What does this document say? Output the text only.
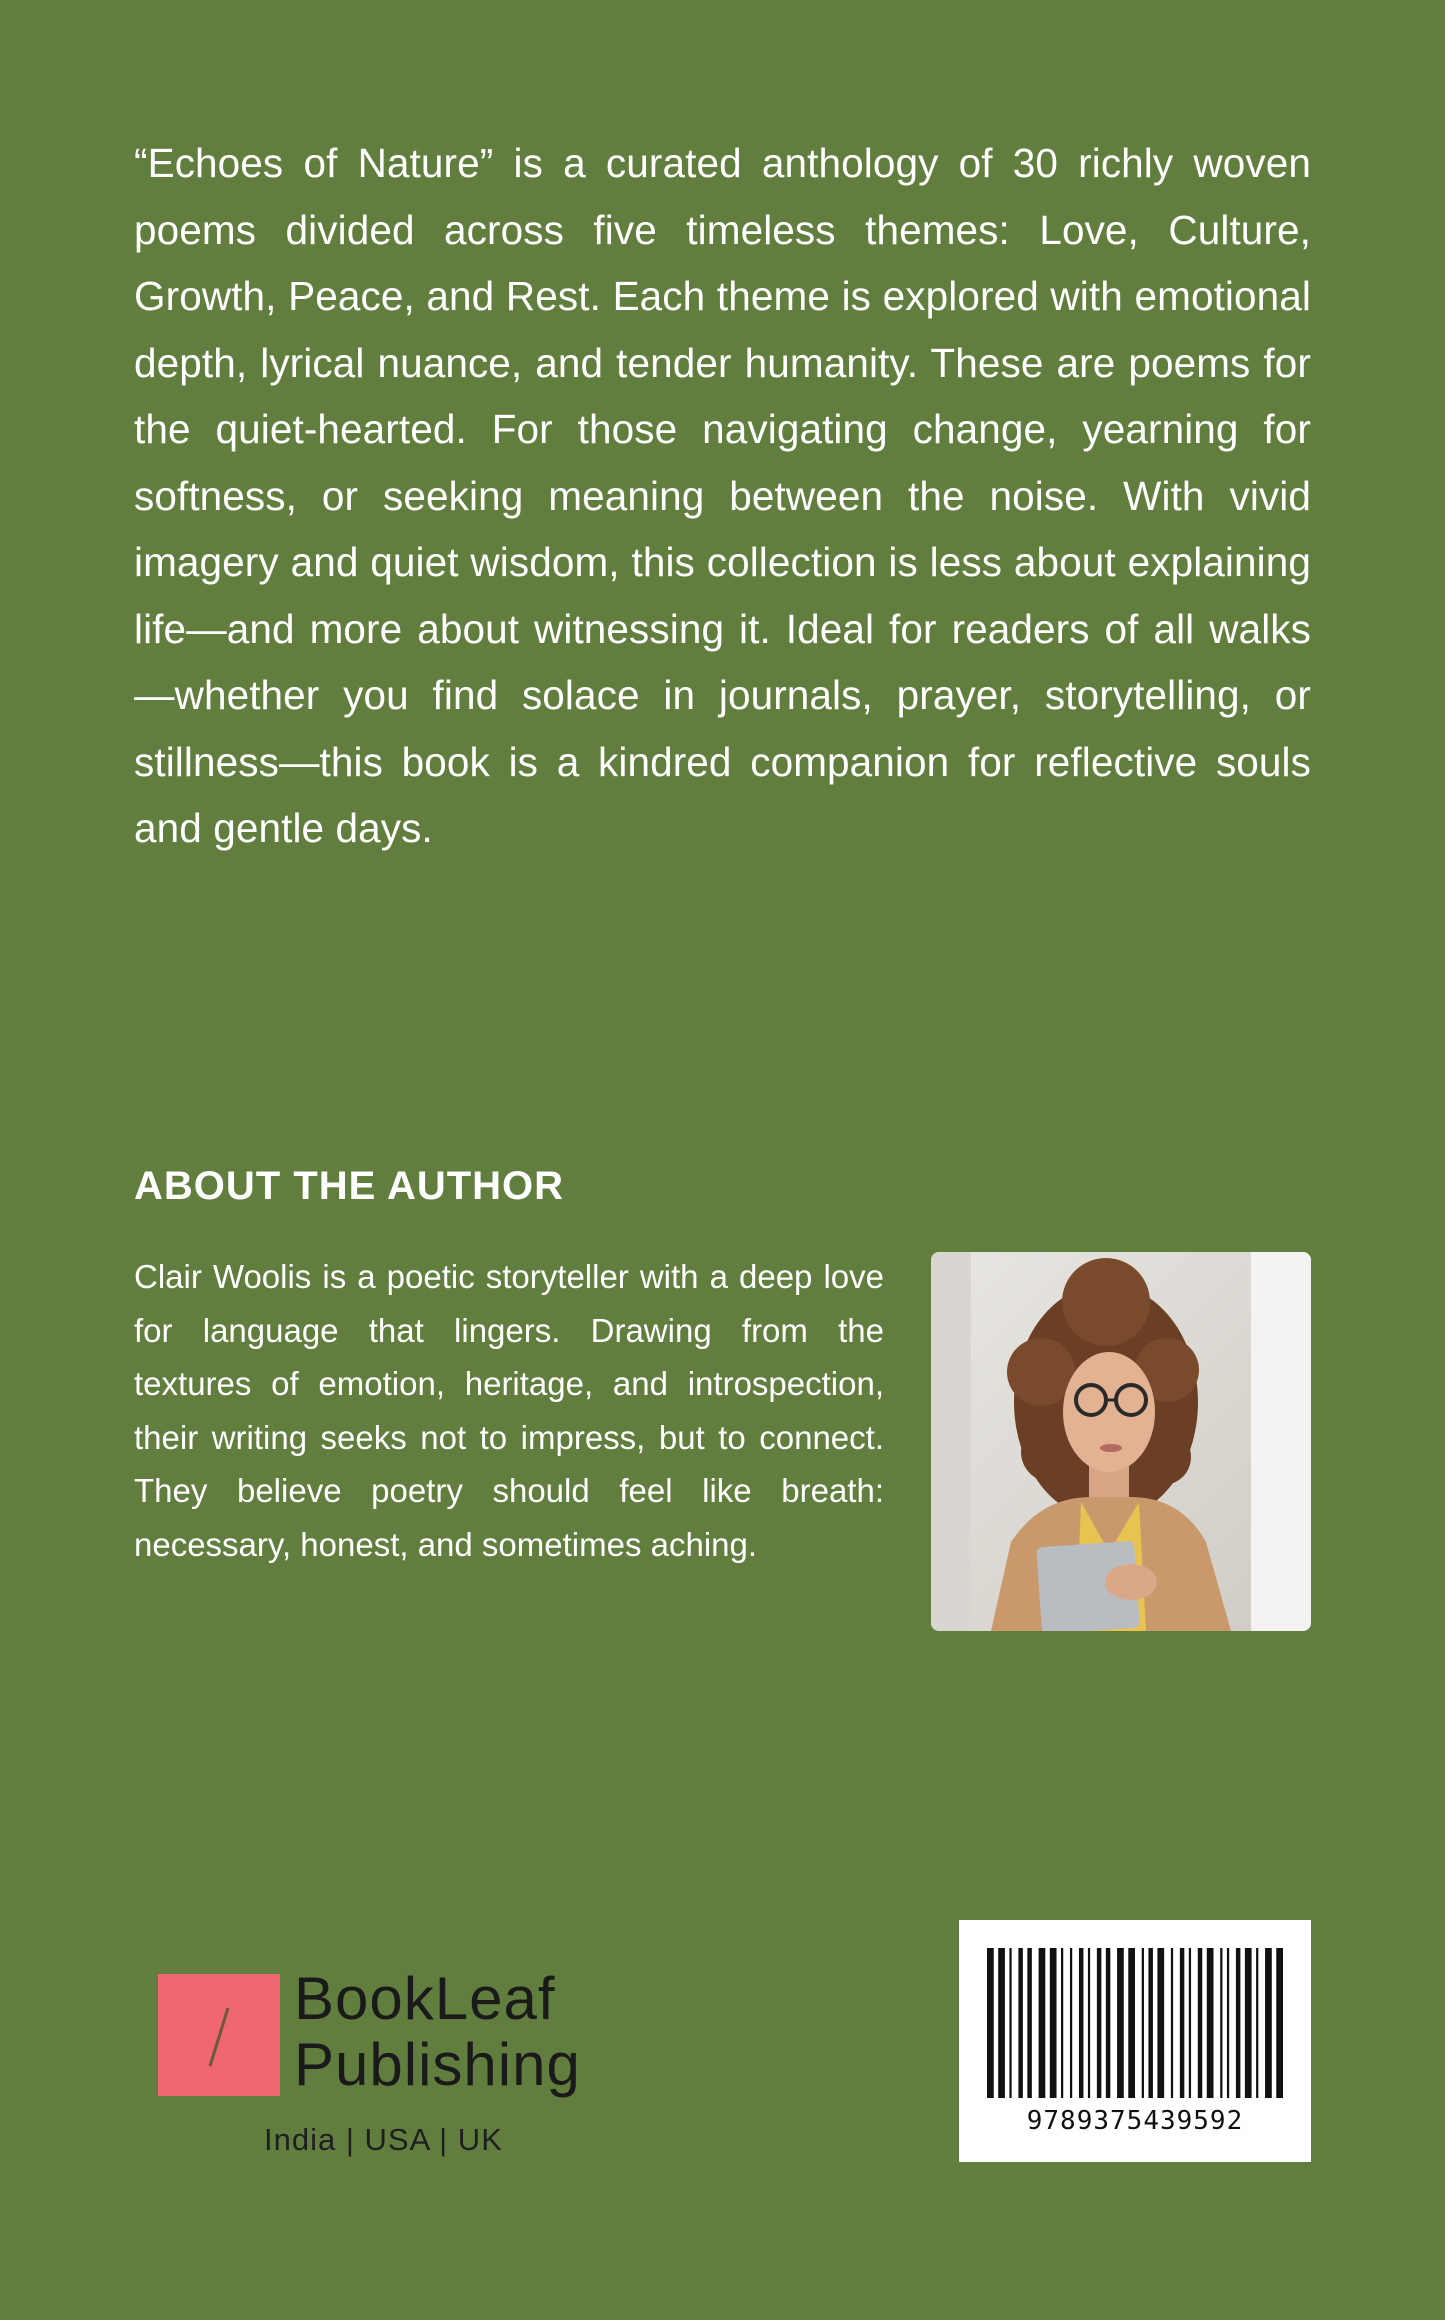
“Echoes of Nature” is a curated anthology of 30 richly woven poems divided across five timeless themes: Love, Culture, Growth, Peace, and Rest. Each theme is explored with emotional depth, lyrical nuance, and tender humanity. These are poems for the quiet-hearted. For those navigating change, yearning for softness, or seeking meaning between the noise. With vivid imagery and quiet wisdom, this collection is less about explaining life—and more about witnessing it. Ideal for readers of all walks—whether you find solace in journals, prayer, storytelling, or stillness—this book is a kindred companion for reflective souls and gentle days.

ABOUT THE AUTHOR

Clair Woolis is a poetic storyteller with a deep love for language that lingers. Drawing from the textures of emotion, heritage, and introspection, their writing seeks not to impress, but to connect. They believe poetry should feel like breath: necessary, honest, and sometimes aching.

BookLeaf
Publishing
India | USA | UK
9789375439592
